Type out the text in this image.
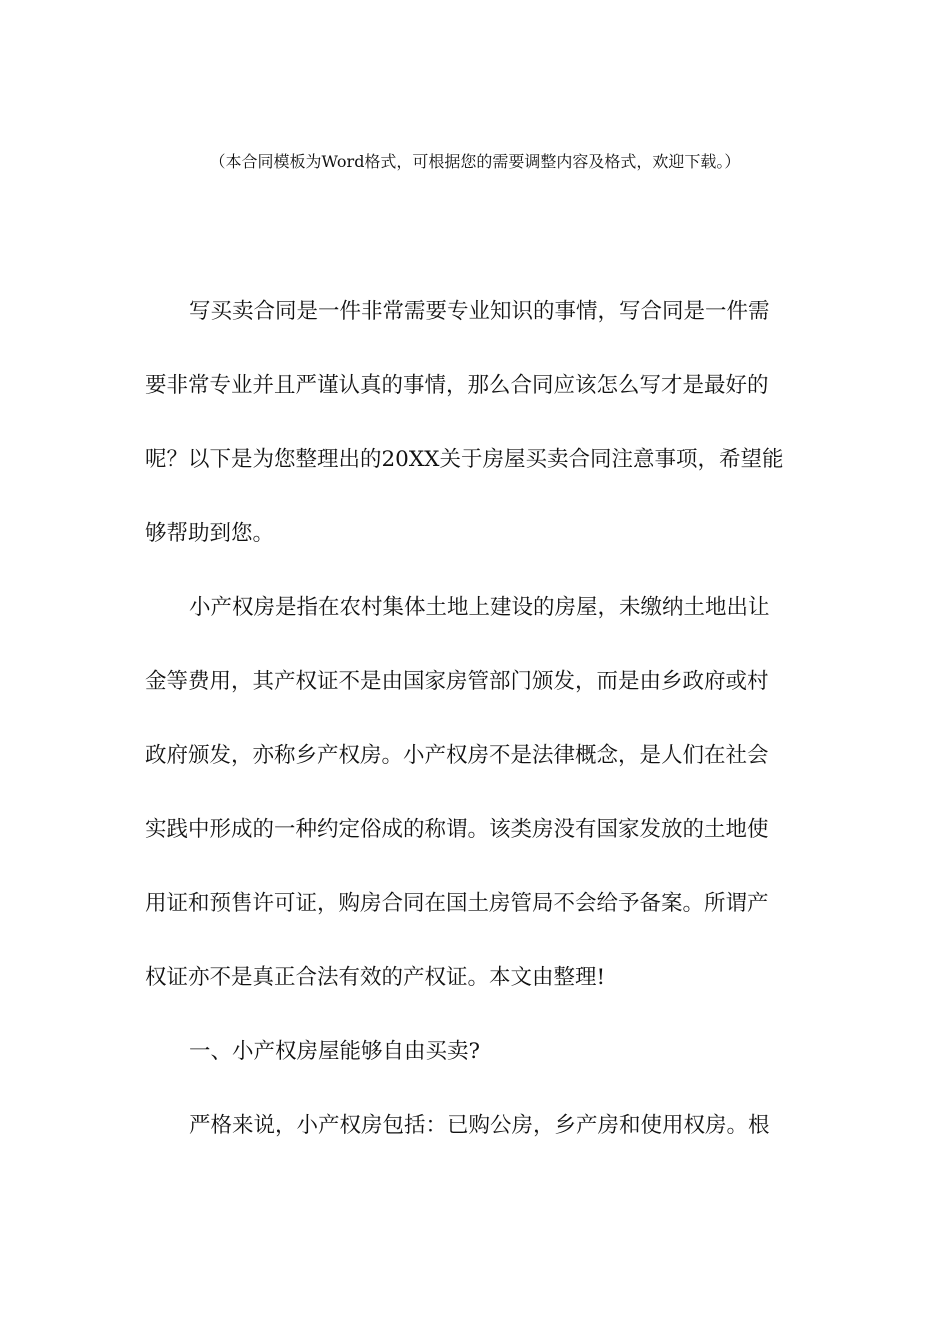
（本合同模板为Word格式，可根据您的需要调整内容及格式，欢迎下载。）
写买卖合同是一件非常需要专业知识的事情，写合同是一件需
要非常专业并且严谨认真的事情，那么合同应该怎么写才是最好的
呢？以下是为您整理出的20XX关于房屋买卖合同注意事项，希望能
够帮助到您。
小产权房是指在农村集体土地上建设的房屋，未缴纳土地出让
金等费用，其产权证不是由国家房管部门颁发，而是由乡政府或村
政府颁发，亦称乡产权房。小产权房不是法律概念，是人们在社会
实践中形成的一种约定俗成的称谓。该类房没有国家发放的土地使
用证和预售许可证，购房合同在国土房管局不会给予备案。所谓产
权证亦不是真正合法有效的产权证。本文由整理!
一、小产权房屋能够自由买卖?
严格来说，小产权房包括：已购公房，乡产房和使用权房。根
